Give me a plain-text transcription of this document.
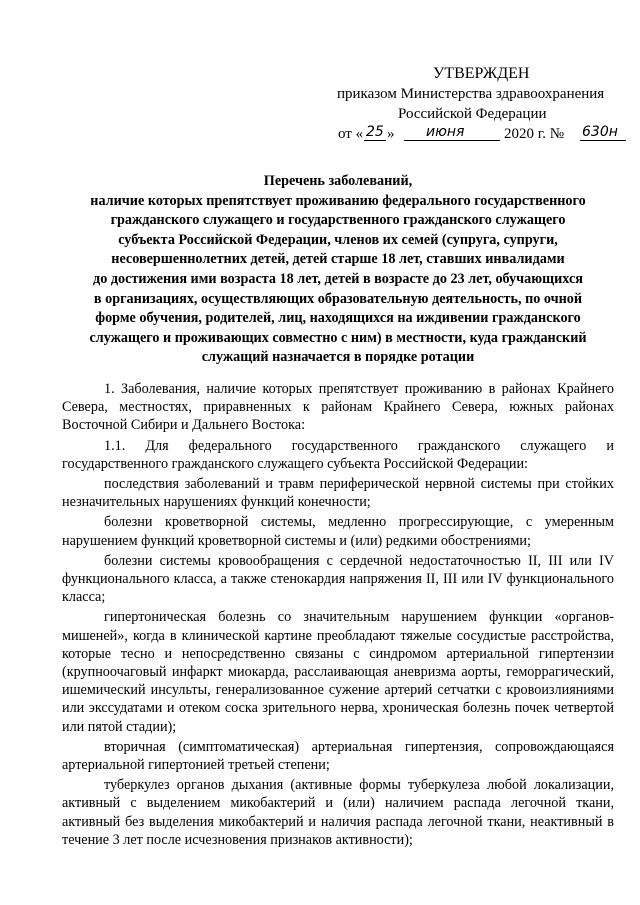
УТВЕРЖДЕН
приказом Министерства здравоохранения
Российской Федерации
от « 25 » июня	2020 г. № 630н
Перечень заболеваний,
наличие которых препятствует проживанию федерального государственного
гражданского служащего и государственного гражданского служащего
субъекта Российской Федерации, членов их семей (супруга, супруги,
несовершеннолетних детей, детей старше 18 лет, ставших инвалидами
до достижения ими возраста 18 лет, детей в возрасте до 23 лет, обучающихся
в организациях, осуществляющих образовательную деятельность, по очной
форме обучения, родителей, лиц, находящихся на иждивении гражданского
служащего и проживающих совместно с ним) в местности, куда гражданский
служащий назначается в порядке ротации

1. Заболевания, наличие которых препятствует проживанию в районах Крайнего Севера, местностях, приравненных к районам Крайнего Севера, южных районах Восточной Сибири и Дальнего Востока:

1.1. Для федерального государственного гражданского служащего и государственного гражданского служащего субъекта Российской Федерации:

последствия заболеваний и травм периферической нервной системы при стойких незначительных нарушениях функций конечности;

болезни кроветворной системы, медленно прогрессирующие, с умеренным нарушением функций кроветворной системы и (или) редкими обострениями;

болезни системы кровообращения с сердечной недостаточностью II, III или IV функционального класса, а также стенокардия напряжения II, III или IV функционального класса;

гипертоническая болезнь со значительным нарушением функции «органов-мишеней», когда в клинической картине преобладают тяжелые сосудистые расстройства, которые тесно и непосредственно связаны с синдромом артериальной гипертензии (крупноочаговый инфаркт миокарда, расслаивающая аневризма аорты, геморрагический, ишемический инсульты, генерализованное сужение артерий сетчатки с кровоизлияниями или экссудатами и отеком соска зрительного нерва, хроническая болезнь почек четвертой или пятой стадии);

вторичная (симптоматическая) артериальная гипертензия, сопровождающаяся артериальной гипертонией третьей степени;

туберкулез органов дыхания (активные формы туберкулеза любой локализации, активный с выделением микобактерий и (или) наличием распада легочной ткани, активный без выделения микобактерий и наличия распада легочной ткани, неактивный в течение 3 лет после исчезновения признаков активности);
